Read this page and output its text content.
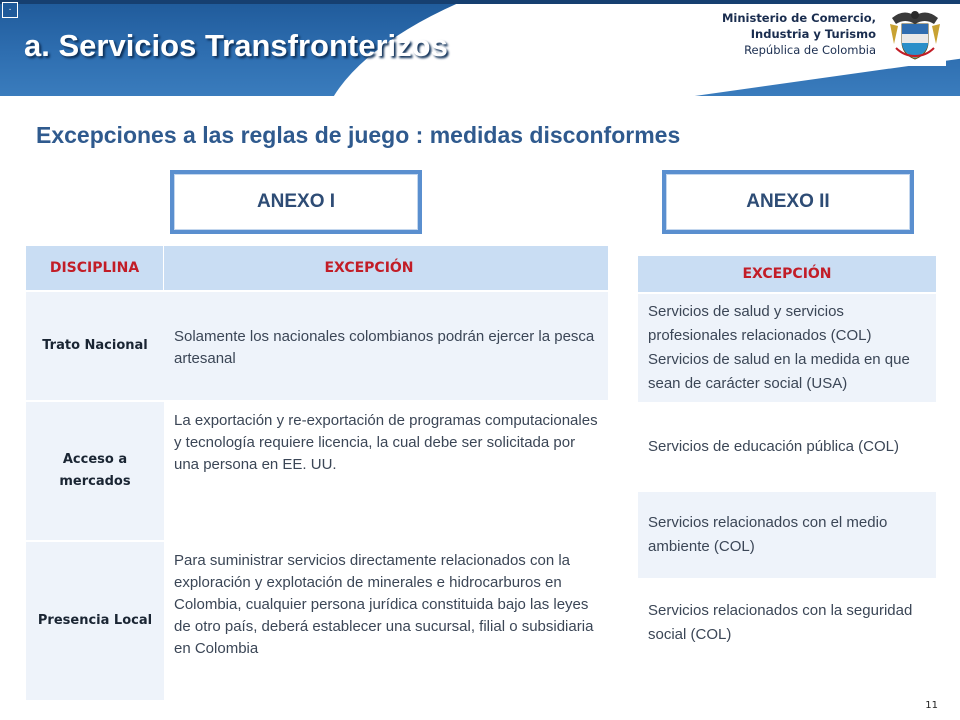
·
a. Servicios Transfronterizos
Ministerio de Comercio,
Industria y Turismo
República de Colombia
Excepciones a las reglas de juego : medidas disconformes
ANEXO I	ANEXO II
DISCIPLINA	EXCEPCIÓN
Trato Nacional
Solamente los nacionales colombianos podrán ejercer la pesca artesanal
Acceso a mercados
La exportación y re-exportación de programas computacionales y tecnología requiere licencia, la cual debe ser solicitada por una persona en EE. UU.
Presencia Local
Para suministrar servicios directamente relacionados con la exploración y explotación de minerales e hidrocarburos en Colombia, cualquier persona jurídica constituida bajo las leyes de otro país, deberá establecer una sucursal, filial o subsidiaria en Colombia
EXCEPCIÓN
Servicios de salud y servicios profesionales relacionados (COL) Servicios de salud en la medida en que sean de carácter social (USA)
Servicios de educación pública (COL)
Servicios relacionados con el medio ambiente (COL)
Servicios relacionados con la seguridad social (COL)
11
